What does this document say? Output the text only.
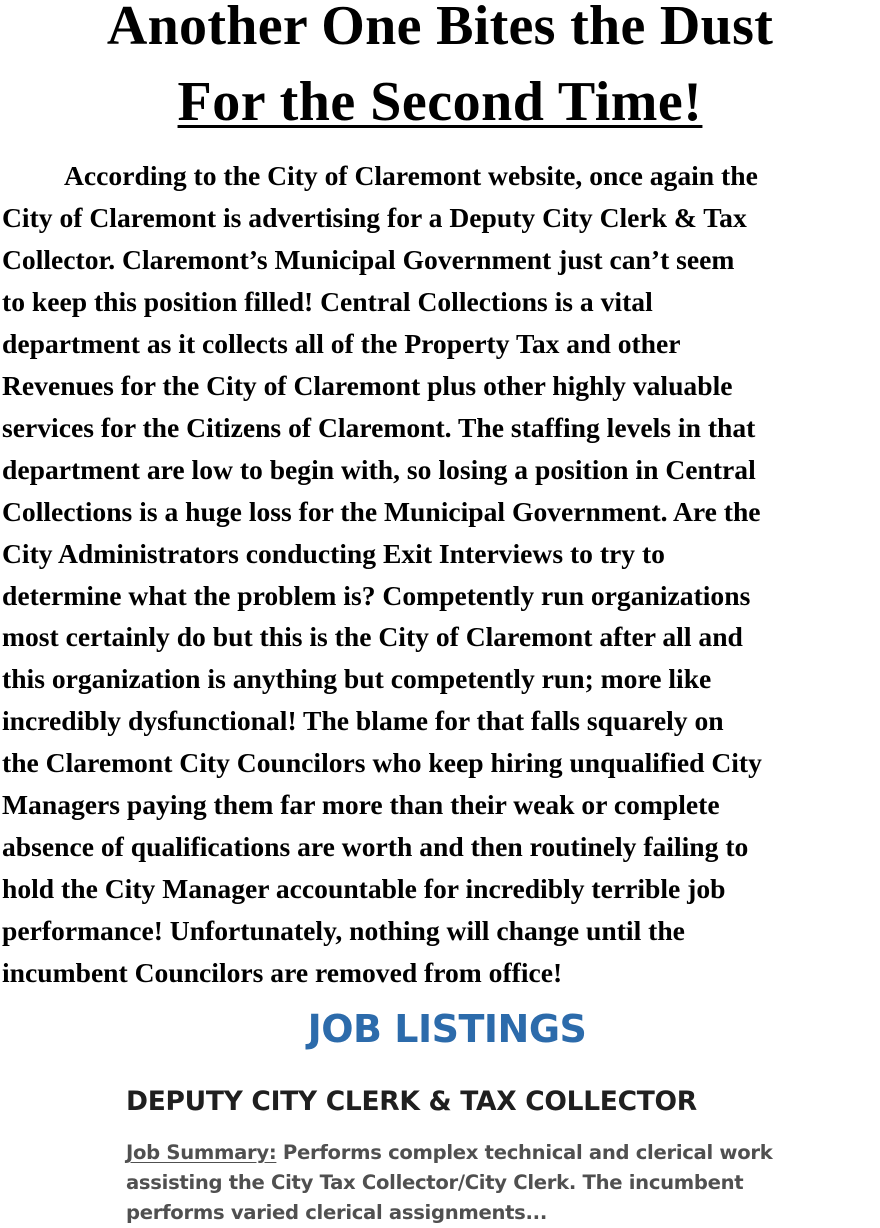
Another One Bites the Dust
For the Second Time!
According to the City of Claremont website, once again the
City of Claremont is advertising for a Deputy City Clerk & Tax
Collector. Claremont’s Municipal Government just can’t seem
to keep this position filled! Central Collections is a vital
department as it collects all of the Property Tax and other
Revenues for the City of Claremont plus other highly valuable
services for the Citizens of Claremont. The staffing levels in that
department are low to begin with, so losing a position in Central
Collections is a huge loss for the Municipal Government. Are the
City Administrators conducting Exit Interviews to try to
determine what the problem is? Competently run organizations
most certainly do but this is the City of Claremont after all and
this organization is anything but competently run; more like
incredibly dysfunctional! The blame for that falls squarely on
the Claremont City Councilors who keep hiring unqualified City
Managers paying them far more than their weak or complete
absence of qualifications are worth and then routinely failing to
hold the City Manager accountable for incredibly terrible job
performance! Unfortunately, nothing will change until the
incumbent Councilors are removed from office!
JOB LISTINGS
DEPUTY CITY CLERK & TAX COLLECTOR
Job Summary: Performs complex technical and clerical work
assisting the City Tax Collector/City Clerk. The incumbent
performs varied clerical assignments...
